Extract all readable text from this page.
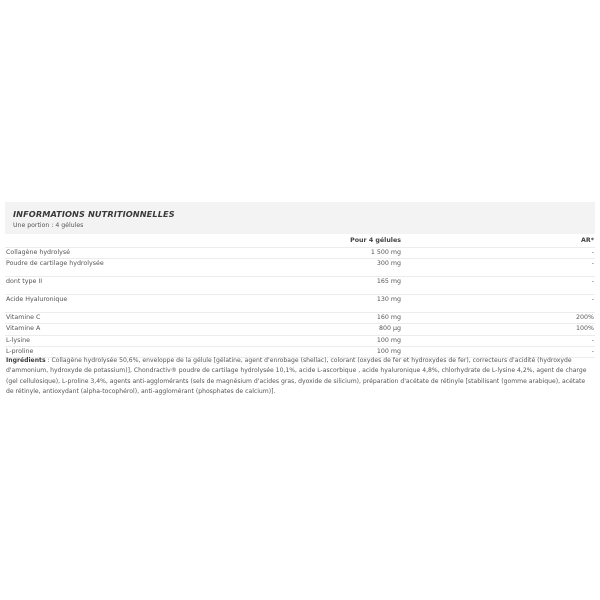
INFORMATIONS NUTRITIONNELLES
Une portion : 4 gélules
Pour 4 gélules	AR*
Collagène hydrolysé	1 500 mg	-
Poudre de cartilage hydrolysée	300 mg	-
dont type II	165 mg	-
Acide Hyaluronique	130 mg	-
Vitamine C	160 mg	200%
Vitamine A	800 µg	100%
L-lysine	100 mg	-
L-proline	100 mg	-
Ingrédients : Collagène hydrolysée 50,6%, enveloppe de la gélule [gélatine, agent d'enrobage (shellac), colorant (oxydes de fer et hydroxydes de fer), correcteurs d'acidité (hydroxyde d'ammonium, hydroxyde de potassium)], Chondractiv® poudre de cartilage hydrolysée 10,1%, acide L-ascorbique , acide hyaluronique 4,8%, chlorhydrate de L-lysine 4,2%, agent de charge (gel cellulosique), L-proline 3,4%, agents anti-agglomérants (sels de magnésium d'acides gras, dyoxide de silicium), préparation d'acétate de rétinyle [stabilisant (gomme arabique), acétate de rétinyle, antioxydant (alpha-tocophérol), anti-agglomérant (phosphates de calcium)].
